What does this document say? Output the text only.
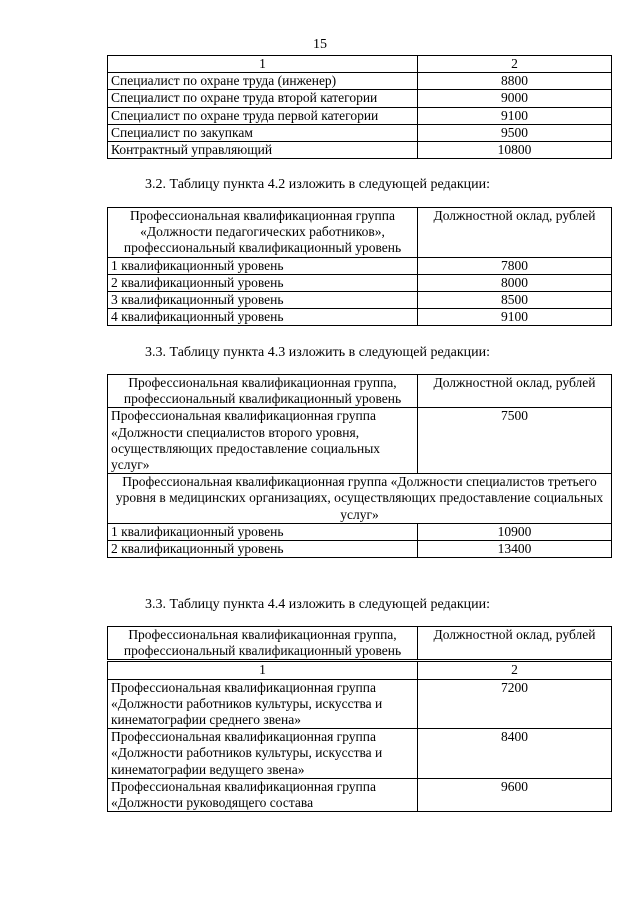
15
1	2
Специалист по охране труда (инженер)	8800
Специалист по охране труда второй категории	9000
Специалист по охране труда первой категории	9100
Специалист по закупкам	9500
Контрактный управляющий	10800
3.2. Таблицу пункта 4.2 изложить в следующей редакции:
Профессиональная квалификационная группа «Должности педагогических работников», профессиональный квалификационный уровень	Должностной оклад, рублей
1 квалификационный уровень	7800
2 квалификационный уровень	8000
3 квалификационный уровень	8500
4 квалификационный уровень	9100
3.3. Таблицу пункта 4.3 изложить в следующей редакции:
Профессиональная квалификационная группа, профессиональный квалификационный уровень	Должностной оклад, рублей
Профессиональная квалификационная группа «Должности специалистов второго уровня, осуществляющих предоставление социальных услуг»	7500
Профессиональная квалификационная группа «Должности специалистов третьего уровня в медицинских организациях, осуществляющих предоставление социальных услуг»	
1 квалификационный уровень	10900
2 квалификационный уровень	13400
3.3. Таблицу пункта 4.4 изложить в следующей редакции:
Профессиональная квалификационная группа, профессиональный квалификационный уровень	Должностной оклад, рублей
1	2
Профессиональная квалификационная группа «Должности работников культуры, искусства и кинематографии среднего звена»	7200
Профессиональная квалификационная группа «Должности работников культуры, искусства и кинематографии ведущего звена»	8400
Профессиональная квалификационная группа «Должности руководящего состава	9600
